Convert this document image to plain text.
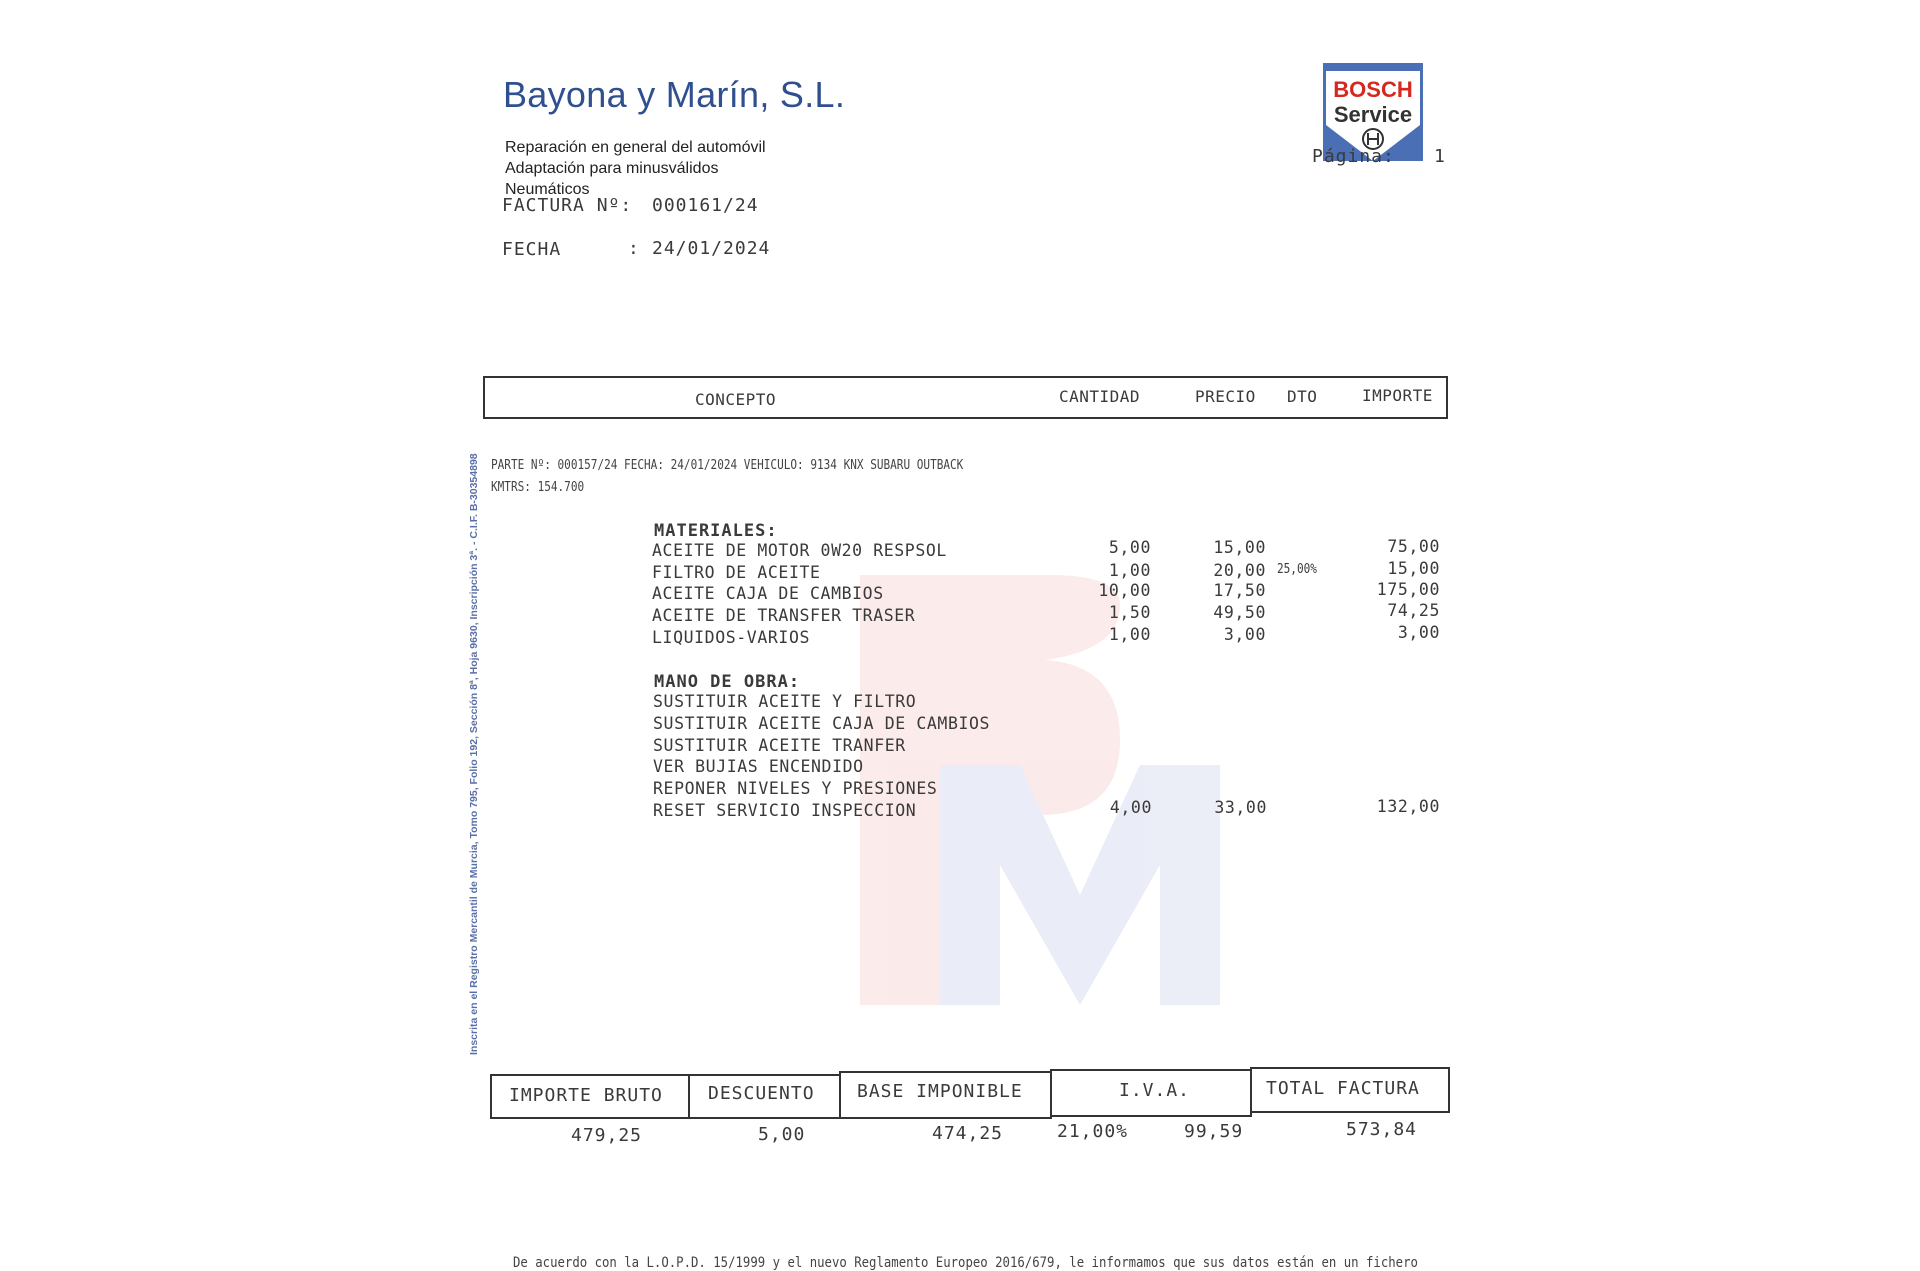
Bayona y Marín, S.L.
Reparación en general del automóvil
Adaptación para minusválidos
Neumáticos
BOSCH
Service
Página: 1
FACTURA Nº: 000161/24
FECHA	: 24/01/2024
CONCEPTO	CANTIDAD	PRECIO DTO	IMPORTE
PARTE Nº: 000157/24 FECHA: 24/01/2024 VEHICULO: 9134 KNX SUBARU OUTBACK
KMTRS: 154.700
MATERIALES:
ACEITE DE MOTOR 0W20 RESPSOL	5,00	15,00	75,00
FILTRO DE ACEITE	1,00	20,00 25,00%	15,00
ACEITE CAJA DE CAMBIOS	10,00	17,50	175,00
ACEITE DE TRANSFER TRASER	1,50	49,50	74,25
LIQUIDOS-VARIOS	1,00	3,00	3,00
MANO DE OBRA:
SUSTITUIR ACEITE Y FILTRO
SUSTITUIR ACEITE CAJA DE CAMBIOS
SUSTITUIR ACEITE TRANFER
VER BUJIAS ENCENDIDO
REPONER NIVELES Y PRESIONES
RESET SERVICIO INSPECCION	4,00	33,00	132,00
IMPORTE BRUTO	DESCUENTO BASE IMPONIBLE	I.V.A.	TOTAL FACTURA
479,25	5,00	474,25	21,00%	99,59	573,84
Inscrita en el Registro Mercantil de Murcia, Tomo 795, Folio 192, Sección 8ª, Hoja 9630, Inscripción 3ª. - C.I.F. B-30354898
De acuerdo con la L.O.P.D. 15/1999 y el nuevo Reglamento Europeo 2016/679, le informamos que sus datos están en un fichero
